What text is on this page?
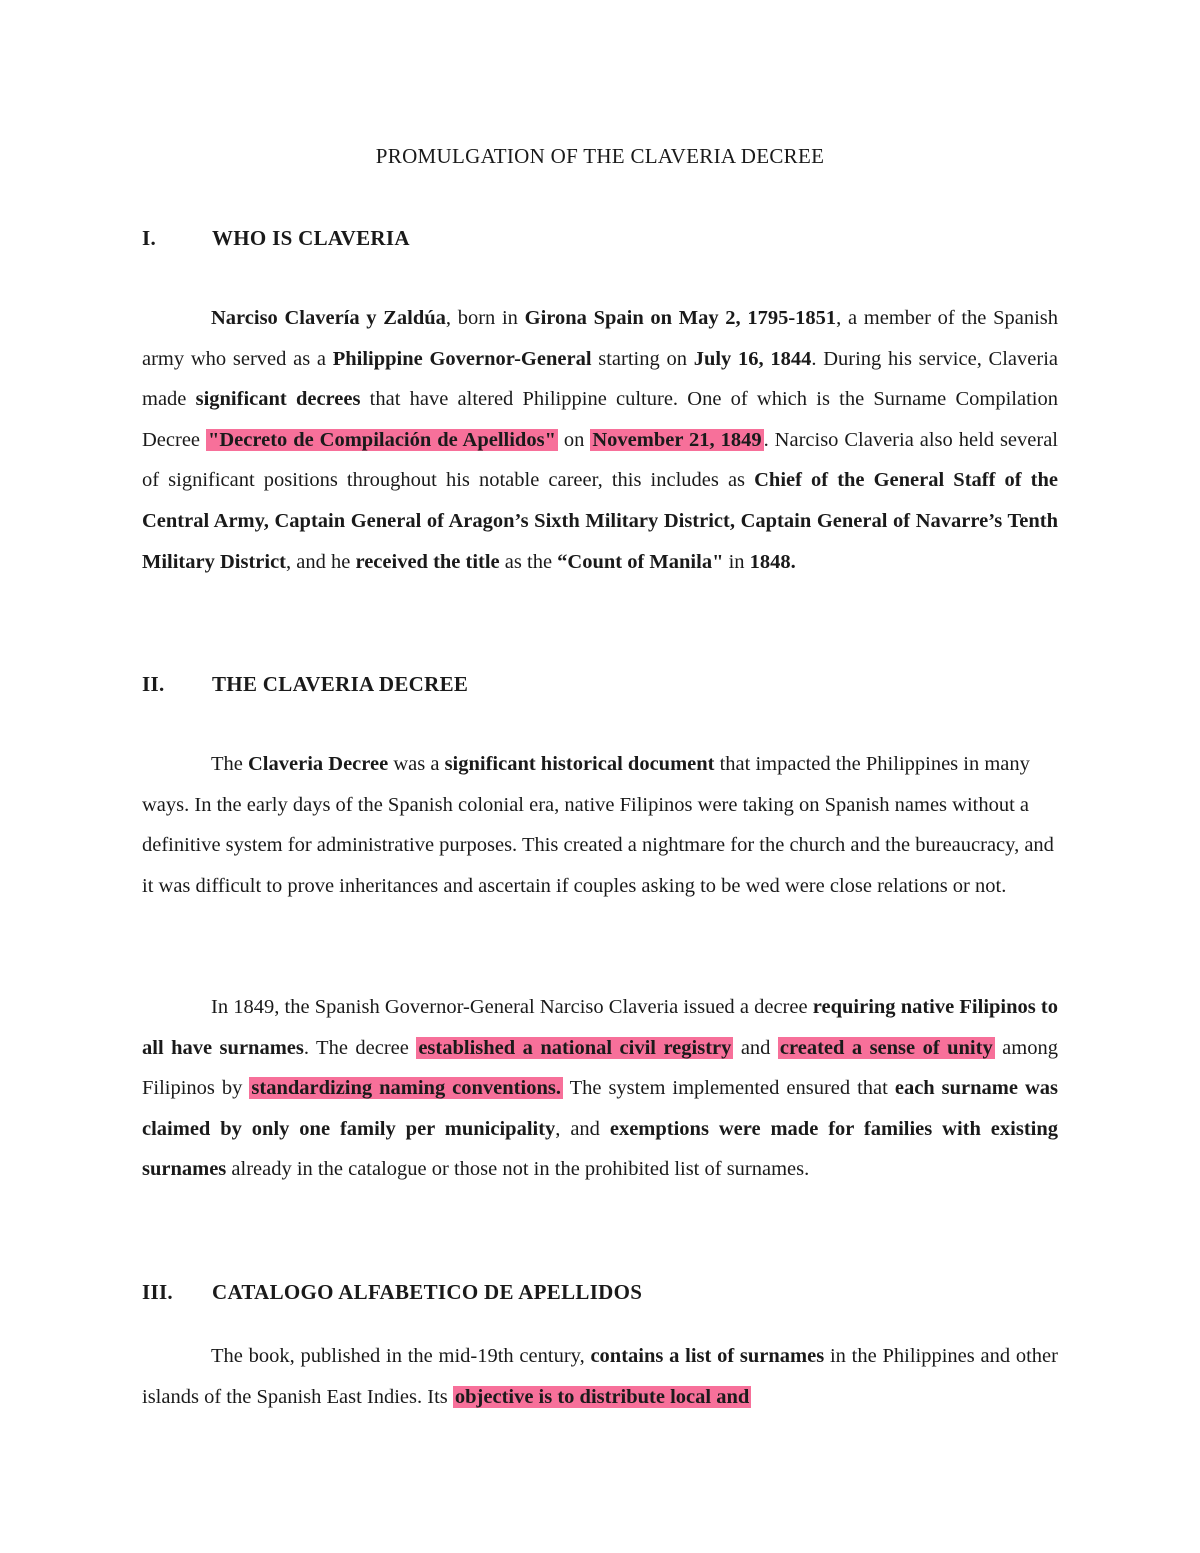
PROMULGATION OF THE CLAVERIA DECREE
I.	WHO IS CLAVERIA
Narciso Clavería y Zaldúa, born in Girona Spain on May 2, 1795-1851, a member of the Spanish army who served as a Philippine Governor-General starting on July 16, 1844. During his service, Claveria made significant decrees that have altered Philippine culture. One of which is the Surname Compilation Decree "Decreto de Compilación de Apellidos" on November 21, 1849. Narciso Claveria also held several of significant positions throughout his notable career, this includes as Chief of the General Staff of the Central Army, Captain General of Aragon’s Sixth Military District, Captain General of Navarre’s Tenth Military District, and he received the title as the “Count of Manila" in 1848.
II. THE CLAVERIA DECREE
The Claveria Decree was a significant historical document that impacted the Philippines in many ways. In the early days of the Spanish colonial era, native Filipinos were taking on Spanish names without a definitive system for administrative purposes. This created a nightmare for the church and the bureaucracy, and it was difficult to prove inheritances and ascertain if couples asking to be wed were close relations or not.
In 1849, the Spanish Governor-General Narciso Claveria issued a decree requiring native Filipinos to all have surnames. The decree established a national civil registry and created a sense of unity among Filipinos by standardizing naming conventions. The system implemented ensured that each surname was claimed by only one family per municipality, and exemptions were made for families with existing surnames already in the catalogue or those not in the prohibited list of surnames.
III. CATALOGO ALFABETICO DE APELLIDOS
The book, published in the mid-19th century, contains a list of surnames in the Philippines and other islands of the Spanish East Indies. Its objective is to distribute local and
